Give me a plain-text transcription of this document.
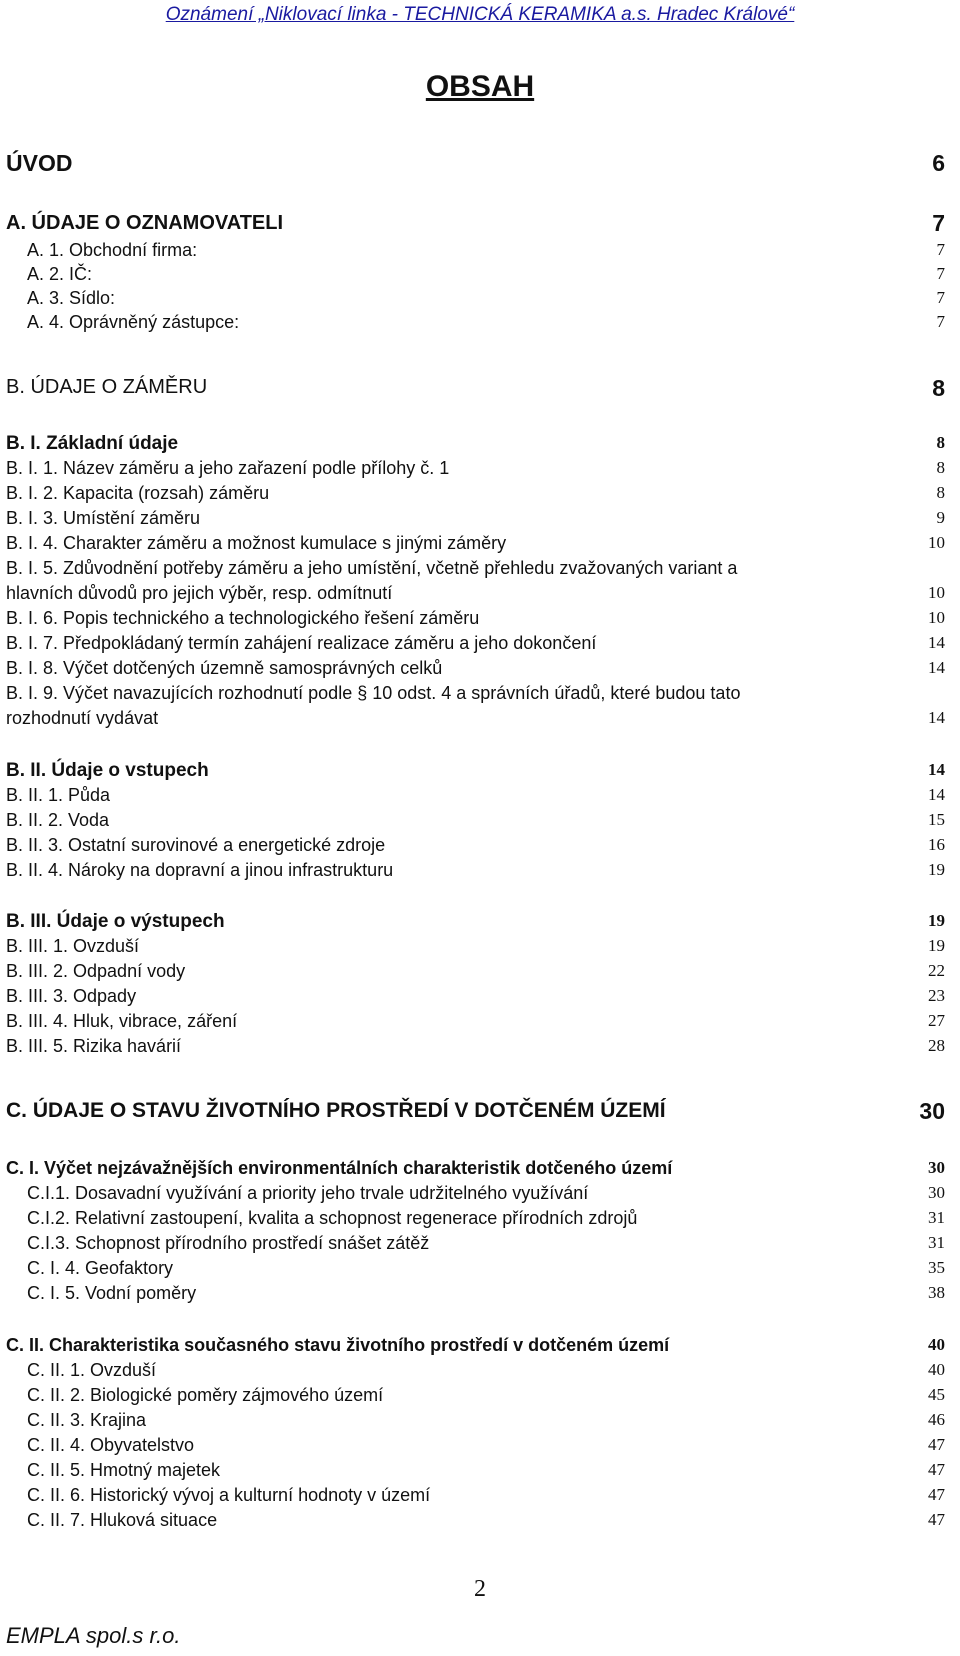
Oznámení „Niklovací linka - TECHNICKÁ KERAMIKA a.s. Hradec Králové“
OBSAH
ÚVOD	6
A. ÚDAJE O OZNAMOVATELI	7
A. 1. Obchodní firma:	7
A. 2. IČ:	7
A. 3. Sídlo:	7
A. 4. Oprávněný zástupce:	7
B. ÚDAJE O ZÁMĚRU	8
B. I. Základní údaje	8
B. I. 1. Název záměru a jeho zařazení podle přílohy č. 1	8
B. I. 2. Kapacita (rozsah) záměru	8
B. I. 3. Umístění záměru	9
B. I. 4. Charakter záměru a možnost kumulace s jinými záměry	10
B. I. 5. Zdůvodnění potřeby záměru a jeho umístění, včetně přehledu zvažovaných variant a
hlavních důvodů pro jejich výběr, resp. odmítnutí	10
B. I. 6. Popis technického a technologického řešení záměru	10
B. I. 7. Předpokládaný termín zahájení realizace záměru a jeho dokončení	14
B. I. 8. Výčet dotčených územně samosprávných celků	14
B. I. 9. Výčet navazujících rozhodnutí podle § 10 odst. 4 a správních úřadů, které budou tato
rozhodnutí vydávat	14
B. II. Údaje o vstupech	14
B. II. 1. Půda	14
B. II. 2. Voda	15
B. II. 3. Ostatní surovinové a energetické zdroje	16
B. II. 4. Nároky na dopravní a jinou infrastrukturu	19
B. III. Údaje o výstupech	19
B. III. 1. Ovzduší	19
B. III. 2. Odpadní vody	22
B. III. 3. Odpady	23
B. III. 4. Hluk, vibrace, záření	27
B. III. 5. Rizika havárií	28
C. ÚDAJE O STAVU ŽIVOTNÍHO PROSTŘEDÍ V DOTČENÉM ÚZEMÍ	30
C. I. Výčet nejzávažnějších environmentálních charakteristik dotčeného území	30
C.I.1. Dosavadní využívání a priority jeho trvale udržitelného využívání	30
C.I.2. Relativní zastoupení, kvalita a schopnost regenerace přírodních zdrojů	31
C.I.3. Schopnost přírodního prostředí snášet zátěž	31
C. I. 4. Geofaktory	35
C. I. 5. Vodní poměry	38
C. II. Charakteristika současného stavu životního prostředí v dotčeném území	40
C. II. 1. Ovzduší	40
C. II. 2. Biologické poměry zájmového území	45
C. II. 3. Krajina	46
C. II. 4. Obyvatelstvo	47
C. II. 5. Hmotný majetek	47
C. II. 6. Historický vývoj a kulturní hodnoty v území	47
C. II. 7. Hluková situace	47
2
EMPLA spol.s r.o.
